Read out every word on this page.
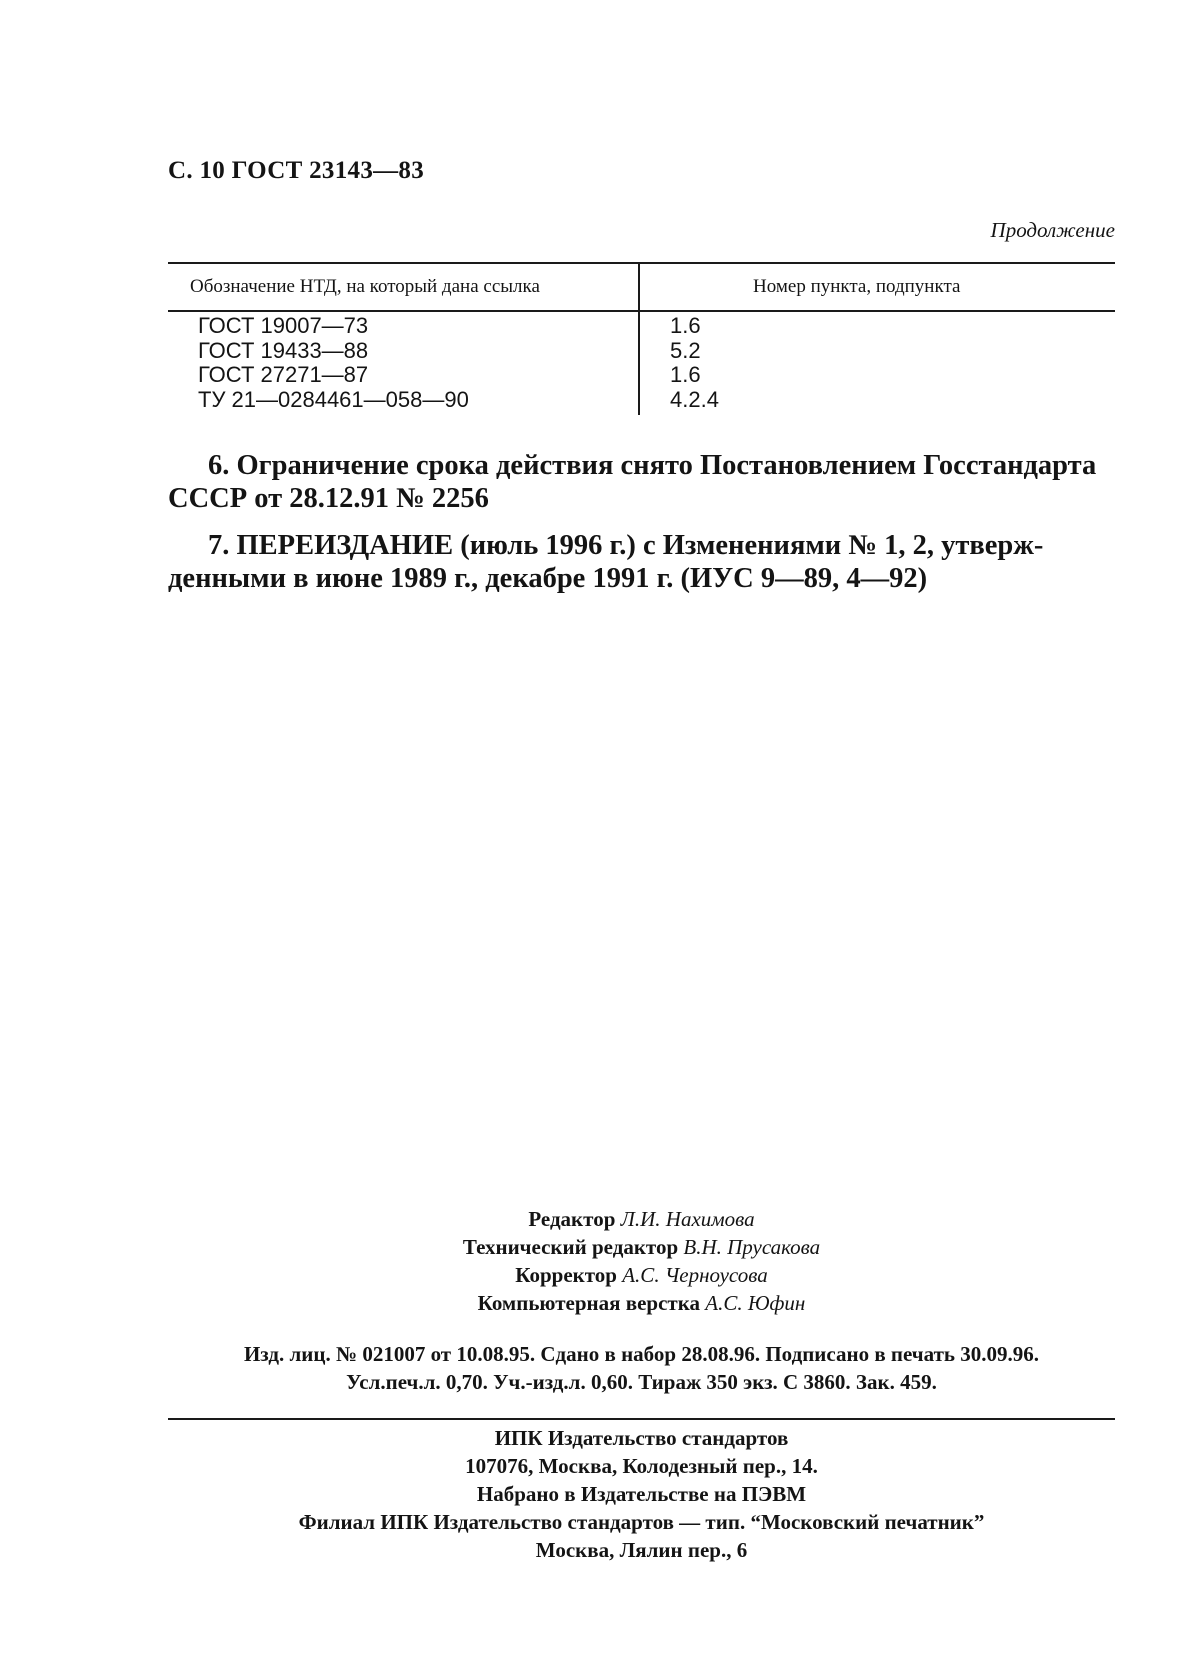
С. 10 ГОСТ 23143—83
Продолжение
Обозначение НТД, на который дана ссылка	Номер пункта, подпункта
ГОСТ 19007—73
ГОСТ 19433—88
ГОСТ 27271—87
ТУ 21—0284461—058—90
1.6
5.2
1.6
4.2.4
6. Ограничение срока действия снято Постановлением Госстандарта
СССР от 28.12.91 № 2256
7. ПЕРЕИЗДАНИЕ (июль 1996 г.) с Изменениями № 1, 2, утверж-
денными в июне 1989 г., декабре 1991 г. (ИУС 9—89, 4—92)
Редактор Л.И. Нахимова
Технический редактор В.Н. Прусакова
Корректор А.С. Черноусова
Компьютерная верстка А.С. Юфин
Изд. лиц. № 021007 от 10.08.95. Сдано в набор 28.08.96. Подписано в печать 30.09.96.
Усл.печ.л. 0,70. Уч.-изд.л. 0,60. Тираж 350 экз. С 3860. Зак. 459.
ИПК Издательство стандартов
107076, Москва, Колодезный пер., 14.
Набрано в Издательстве на ПЭВМ
Филиал ИПК Издательство стандартов — тип. “Московский печатник”
Москва, Лялин пер., 6
